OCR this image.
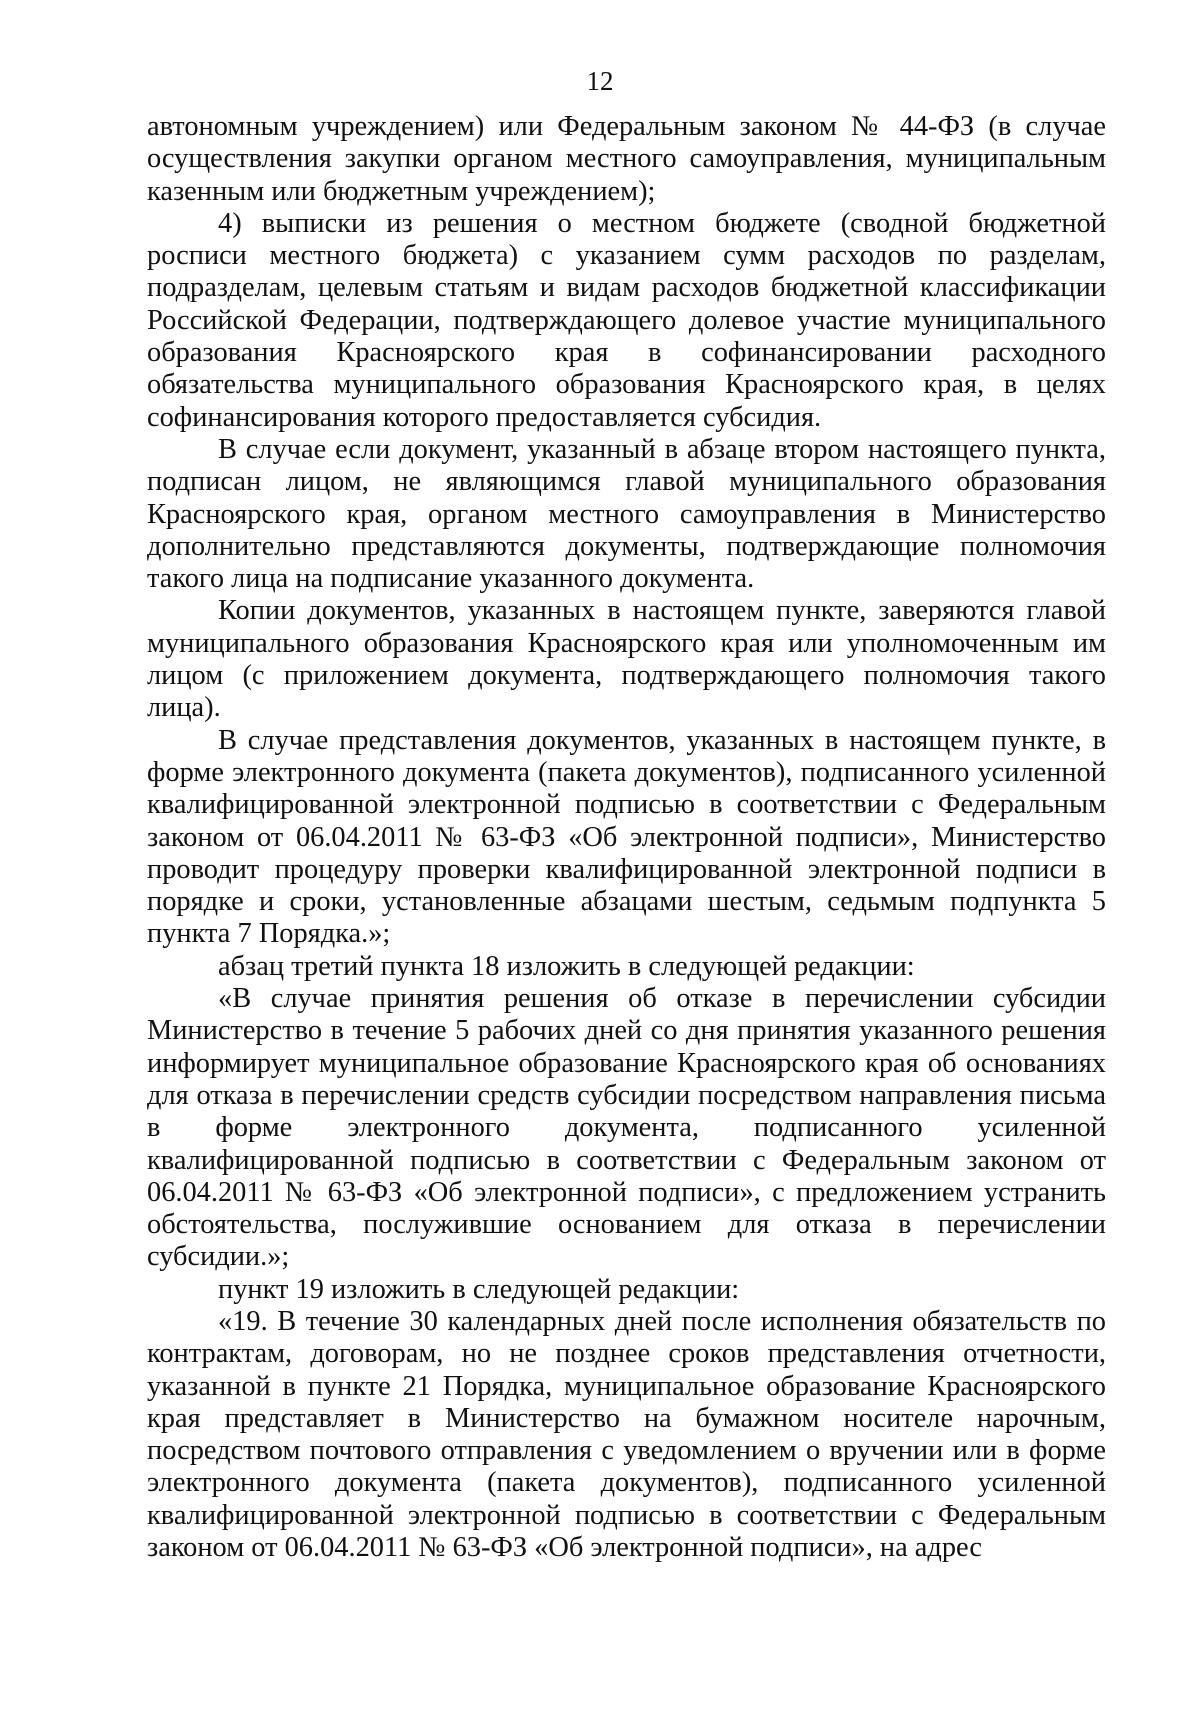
12

автономным учреждением) или Федеральным законом № 44-ФЗ (в случае осуществления закупки органом местного самоуправления, муниципальным казенным или бюджетным учреждением);

4) выписки из решения о местном бюджете (сводной бюджетной росписи местного бюджета) с указанием сумм расходов по разделам, подразделам, целевым статьям и видам расходов бюджетной классификации Российской Федерации, подтверждающего долевое участие муниципального образования Красноярского края в софинансировании расходного обязательства муниципального образования Красноярского края, в целях софинансирования которого предоставляется субсидия.

В случае если документ, указанный в абзаце втором настоящего пункта, подписан лицом, не являющимся главой муниципального образования Красноярского края, органом местного самоуправления в Министерство дополнительно представляются документы, подтверждающие полномочия такого лица на подписание указанного документа.

Копии документов, указанных в настоящем пункте, заверяются главой муниципального образования Красноярского края или уполномоченным им лицом (с приложением документа, подтверждающего полномочия такого лица).

В случае представления документов, указанных в настоящем пункте, в форме электронного документа (пакета документов), подписанного усиленной квалифицированной электронной подписью в соответствии с Федеральным законом от 06.04.2011 № 63-ФЗ «Об электронной подписи», Министерство проводит процедуру проверки квалифицированной электронной подписи в порядке и сроки, установленные абзацами шестым, седьмым подпункта 5 пункта 7 Порядка.»;

абзац третий пункта 18 изложить в следующей редакции:

«В случае принятия решения об отказе в перечислении субсидии Министерство в течение 5 рабочих дней со дня принятия указанного решения информирует муниципальное образование Красноярского края об основаниях для отказа в перечислении средств субсидии посредством направления письма в форме электронного документа, подписанного усиленной квалифицированной подписью в соответствии с Федеральным законом от 06.04.2011 № 63-ФЗ «Об электронной подписи», с предложением устранить обстоятельства, послужившие основанием для отказа в перечислении субсидии.»;

пункт 19 изложить в следующей редакции:

«19. В течение 30 календарных дней после исполнения обязательств по контрактам, договорам, но не позднее сроков представления отчетности, указанной в пункте 21 Порядка, муниципальное образование Красноярского края представляет в Министерство на бумажном носителе нарочным, посредством почтового отправления с уведомлением о вручении или в форме электронного документа (пакета документов), подписанного усиленной квалифицированной электронной подписью в соответствии с Федеральным законом от 06.04.2011 № 63-ФЗ «Об электронной подписи», на адрес
